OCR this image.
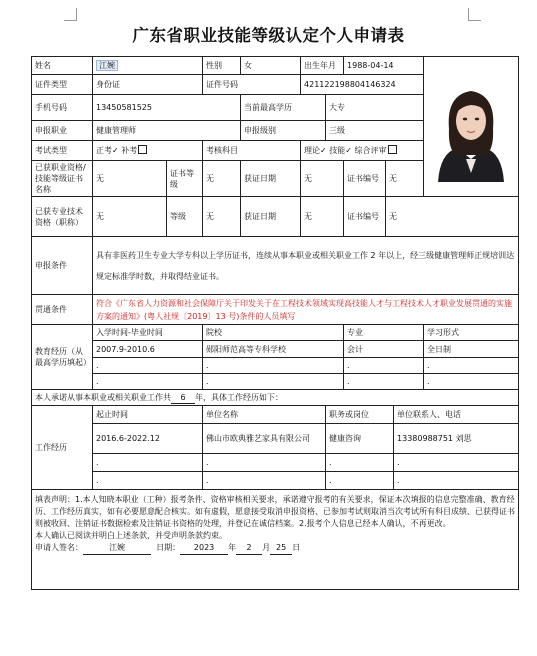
广东省职业技能等级认定个人申请表
姓名	江婉		性别	女	出生年月		1988-04-14			证件照

证件类型	身份证		证件号码		421122198804146324					
手机号码	13450581525			当前最高学历		大专				
申报职业	健康管理师			申报级别		三级				
考试类型	正考✓ 补考		考核科目		理论✓ 技能✓ 综合评审					
已获职业资格/技能等级证书名称	无	证书等级	无	获证日期	无		证书编号	无		
已获专业技术资格（职称）	无	等级	无	获证日期	无		证书编号	无		
申报条件	具有非医药卫生专业大学专科以上学历证书，连续从事本职业或相关职业工作 2 年以上，经三级健康管理师正规培训达规定标准学时数，并取得结业证书。									
贯通条件	符合《广东省人力资源和社会保障厅关于印发关于在工程技术领域实现高技能人才与工程技术人才职业发展贯通的实施方案的通知》(粤人社规〔2019〕13 号)条件的人员填写									
教育经历（从最高学历填起）	入学时间-毕业时间		院校				专业			学习形式
	2007.9-2010.6		郧阳师范高等专科学校				会计			全日制
	.		.				.			.
	.		.				.			.
本人承诺从事本职业或相关职业工作共 6 年，具体工作经历如下：										
工作经历	起止时间		单位名称			职务或岗位			单位联系人、电话	
	2016.6-2022.12		佛山市欧典雅艺家具有限公司			健康咨询			13380988751 刘思	
	.		.			.			.	
	.		.			.			.	

填表声明：1.本人知晓本职业（工种）报考条件、资格审核相关要求，承诺遵守报考的有关要求，保证本次填报的信息完整准确、教育经历、工作经历真实，如有必要愿意配合核实。如有虚假，愿意接受取消申报资格、已参加考试则取消当次考试所有科目成绩、已获得证书则被收回、注销证书数据检索及注销证书资格的处理，并登记在诚信档案。2.报考个人信息已经本人确认，不再更改。
本人确认已阅读并明白上述条款，并受声明条款约束。
申请人签名： 江婉 日期： 2023 年 2 月 25 日										
